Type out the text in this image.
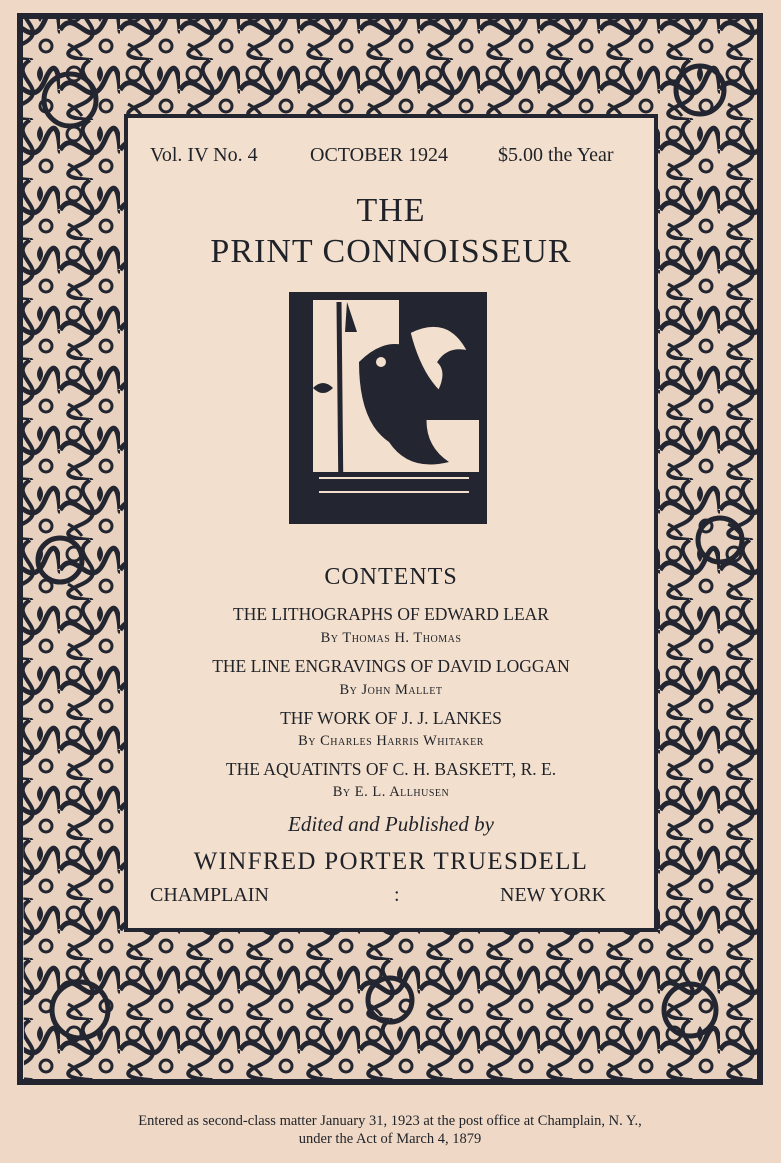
Vol. IV No. 4	OCTOBER 1924	$5.00 the Year
THE
PRINT CONNOISSEUR
CONTENTS
THE LITHOGRAPHS OF EDWARD LEAR
By Thomas H. Thomas
THE LINE ENGRAVINGS OF DAVID LOGGAN
By John Mallet
THF WORK OF J. J. LANKES
By Charles Harris Whitaker
THE AQUATINTS OF C. H. BASKETT, R. E.
By E. L. Allhusen
Edited and Published by
WINFRED PORTER TRUESDELL
CHAMPLAIN	:	NEW YORK
Entered as second-class matter January 31, 1923 at the post office at Champlain, N. Y.,
under the Act of March 4, 1879
